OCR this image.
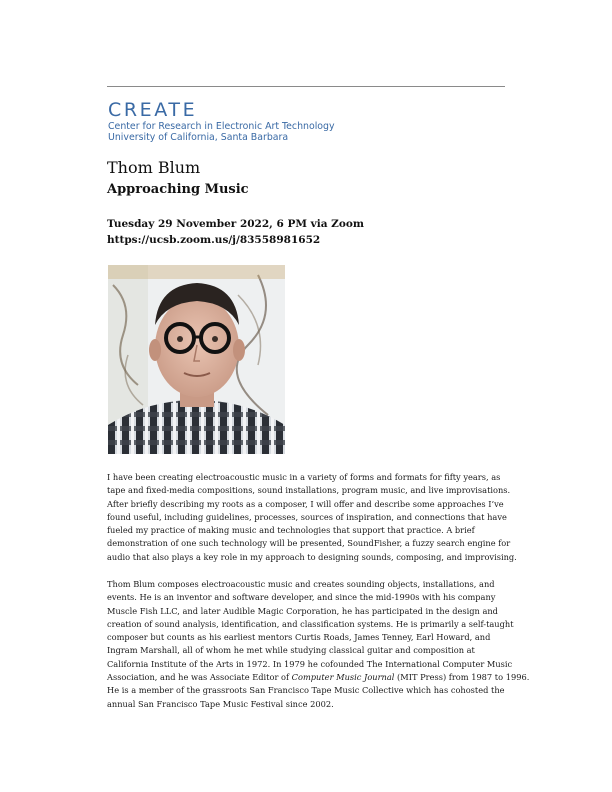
CREATE
Center for Research in Electronic Art Technology
University of California, Santa Barbara
Thom Blum
Approaching Music
Tuesday 29 November 2022, 6 PM via Zoom
https://ucsb.zoom.us/j/83558981652
I have been creating electroacoustic music in a variety of forms and formats for fifty years, as
tape and fixed-media compositions, sound installations, program music, and live improvisations.
After briefly describing my roots as a composer, I will offer and describe some approaches I’ve
found useful, including guidelines, processes, sources of inspiration, and connections that have
fueled my practice of making music and technologies that support that practice. A brief
demonstration of one such technology will be presented, SoundFisher, a fuzzy search engine for
audio that also plays a key role in my approach to designing sounds, composing, and improvising.
Thom Blum composes electroacoustic music and creates sounding objects, installations, and
events. He is an inventor and software developer, and since the mid-1990s with his company
Muscle Fish LLC, and later Audible Magic Corporation, he has participated in the design and
creation of sound analysis, identification, and classification systems. He is primarily a self-taught
composer but counts as his earliest mentors Curtis Roads, James Tenney, Earl Howard, and
Ingram Marshall, all of whom he met while studying classical guitar and composition at
California Institute of the Arts in 1972. In 1979 he cofounded The International Computer Music
Association, and he was Associate Editor of Computer Music Journal (MIT Press) from 1987 to 1996.
He is a member of the grassroots San Francisco Tape Music Collective which has cohosted the
annual San Francisco Tape Music Festival since 2002.
